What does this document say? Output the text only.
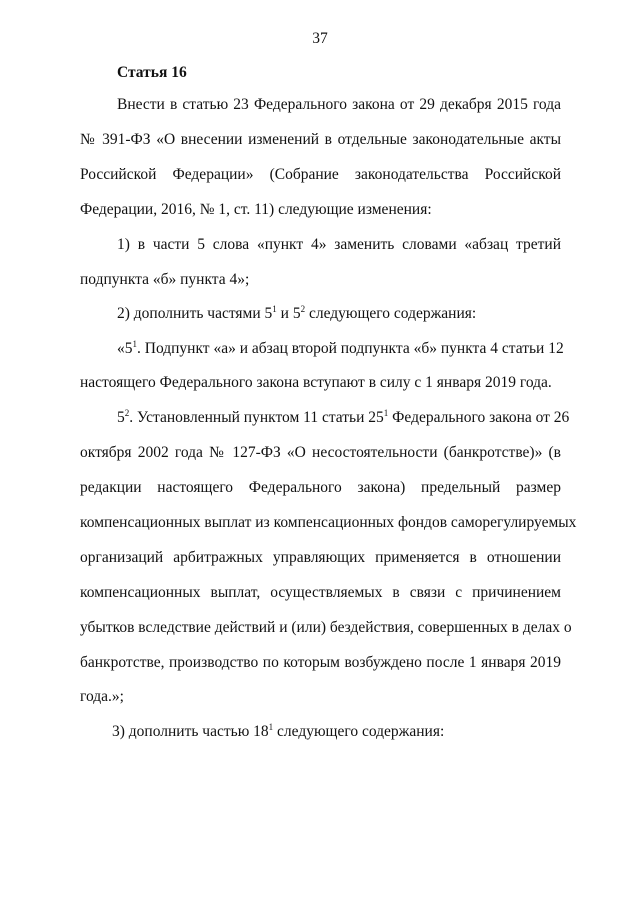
37
Статья 16
Внести в статью 23 Федерального закона от 29 декабря 2015 года
№ 391-ФЗ «О внесении изменений в отдельные законодательные акты
Российской Федерации» (Собрание законодательства Российской
Федерации, 2016, № 1, ст. 11) следующие изменения:
1) в части 5 слова «пункт 4» заменить словами «абзац третий
подпункта «б» пункта 4»;
2) дополнить частями $5^1$ и $5^2$ следующего содержания:
«$5^1$. Подпункт «а» и абзац второй подпункта «б» пункта 4 статьи 12
настоящего Федерального закона вступают в силу с 1 января 2019 года.
$5^2$. Установленный пунктом 11 статьи $25^1$ Федерального закона от 26
октября 2002 года № 127-ФЗ «О несостоятельности (банкротстве)» (в
редакции настоящего Федерального закона) предельный размер
компенсационных выплат из компенсационных фондов саморегулируемых
организаций арбитражных управляющих применяется в отношении
компенсационных выплат, осуществляемых в связи с причинением
убытков вследствие действий и (или) бездействия, совершенных в делах о
банкротстве, производство по которым возбуждено после 1 января 2019
года.»;
3) дополнить частью $18^1$ следующего содержания:
